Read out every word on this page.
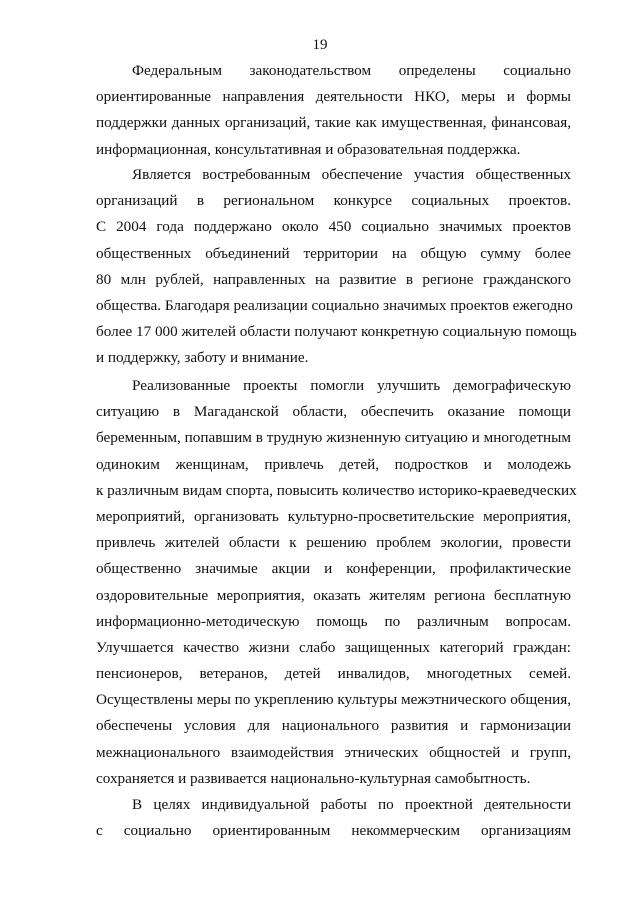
19
Федеральным законодательством определены социально
ориентированные направления деятельности НКО, меры и формы
поддержки данных организаций, такие как имущественная, финансовая,
информационная, консультативная и образовательная поддержка.
Является востребованным обеспечение участия общественных
организаций в региональном конкурсе социальных проектов.
С 2004 года поддержано около 450 социально значимых проектов
общественных объединений территории на общую сумму более
80 млн рублей, направленных на развитие в регионе гражданского
общества. Благодаря реализации социально значимых проектов ежегодно
более 17 000 жителей области получают конкретную социальную помощь
и поддержку, заботу и внимание.
Реализованные проекты помогли улучшить демографическую
ситуацию в Магаданской области, обеспечить оказание помощи
беременным, попавшим в трудную жизненную ситуацию и многодетным
одиноким женщинам, привлечь детей, подростков и молодежь
к различным видам спорта, повысить количество историко-краеведческих
мероприятий, организовать культурно-просветительские мероприятия,
привлечь жителей области к решению проблем экологии, провести
общественно значимые акции и конференции, профилактические
оздоровительные мероприятия, оказать жителям региона бесплатную
информационно-методическую помощь по различным вопросам.
Улучшается качество жизни слабо защищенных категорий граждан:
пенсионеров, ветеранов, детей инвалидов, многодетных семей.
Осуществлены меры по укреплению культуры межэтнического общения,
обеспечены условия для национального развития и гармонизации
межнационального взаимодействия этнических общностей и групп,
сохраняется и развивается национально-культурная самобытность.
В целях индивидуальной работы по проектной деятельности
с социально ориентированным некоммерческим организациям
